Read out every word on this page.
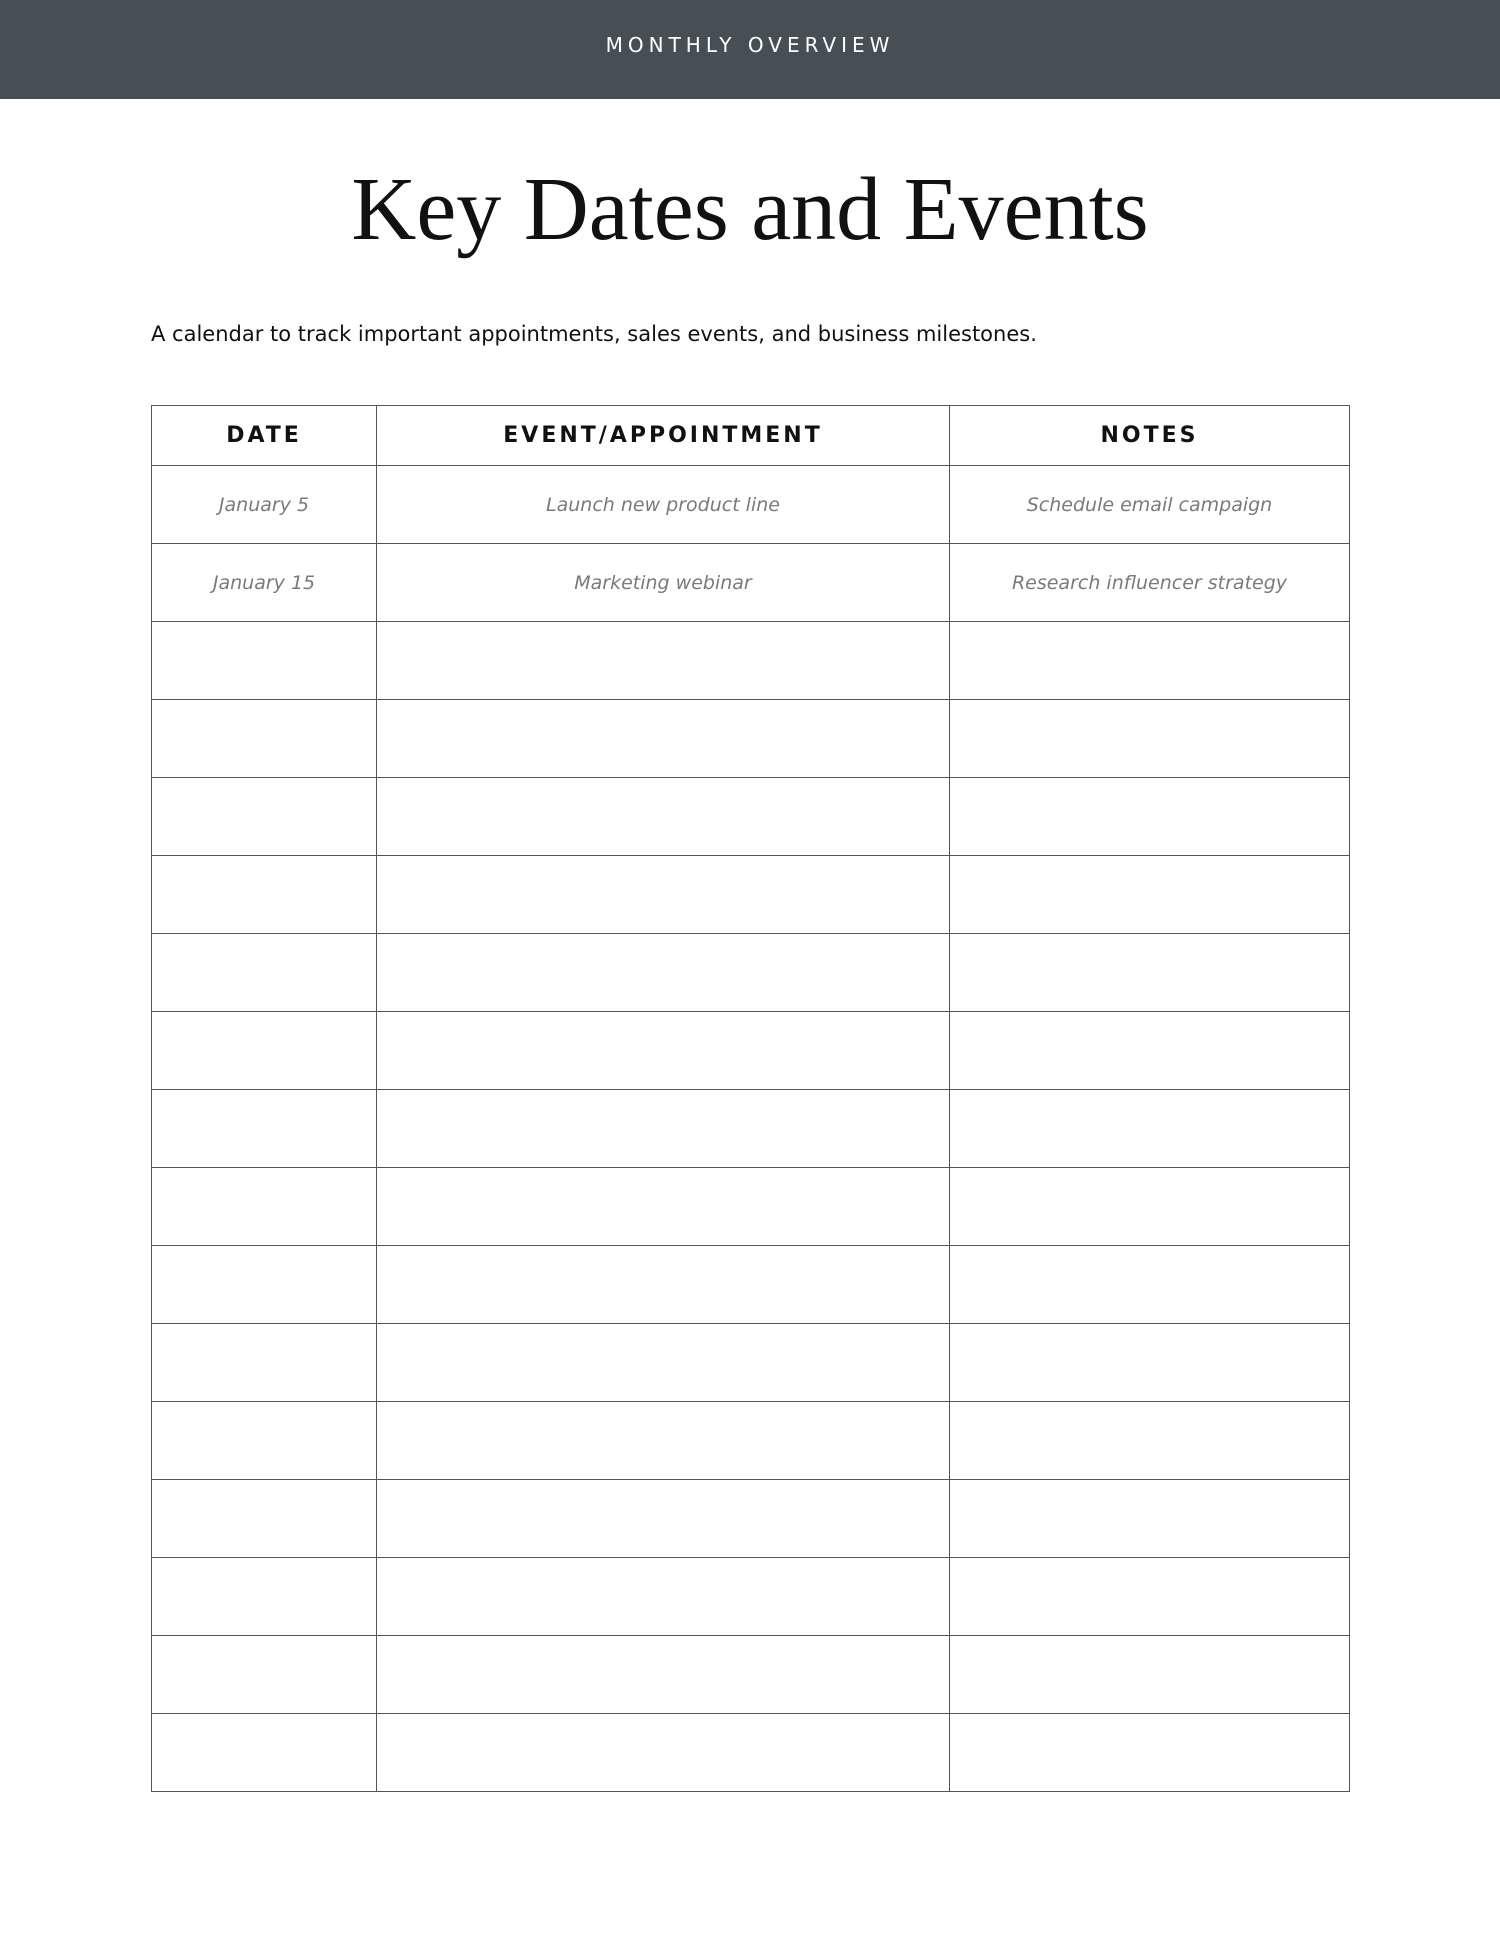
MONTHLY OVERVIEW
Key Dates and Events

A calendar to track important appointments, sales events, and business milestones.

DATE	EVENT/APPOINTMENT	NOTES
January 5	Launch new product line	Schedule email campaign
January 15	Marketing webinar	Research influencer strategy
